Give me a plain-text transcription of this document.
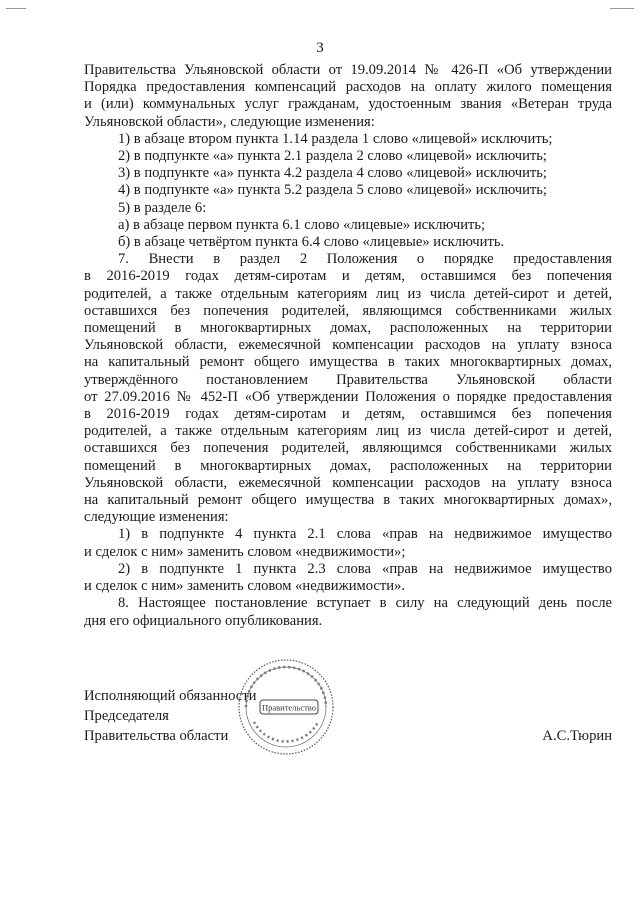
3

Правительства Ульяновской области от 19.09.2014 № 426-П «Об утверждении

Порядка предоставления компенсаций расходов на оплату жилого помещения

и (или) коммунальных услуг гражданам, удостоенным звания «Ветеран труда

Ульяновской области», следующие изменения:

1) в абзаце втором пункта 1.14 раздела 1 слово «лицевой» исключить;

2) в подпункте «а» пункта 2.1 раздела 2 слово «лицевой» исключить;

3) в подпункте «а» пункта 4.2 раздела 4 слово «лицевой» исключить;

4) в подпункте «а» пункта 5.2 раздела 5 слово «лицевой» исключить;

5) в разделе 6:

а) в абзаце первом пункта 6.1 слово «лицевые» исключить;

б) в абзаце четвёртом пункта 6.4 слово «лицевые» исключить.

7. Внести в раздел 2 Положения о порядке предоставления

в 2016-2019 годах детям-сиротам и детям, оставшимся без попечения

родителей, а также отдельным категориям лиц из числа детей-сирот и детей,

оставшихся без попечения родителей, являющимся собственниками жилых

помещений в многоквартирных домах, расположенных на территории

Ульяновской области, ежемесячной компенсации расходов на уплату взноса

на капитальный ремонт общего имущества в таких многоквартирных домах,

утверждённого постановлением Правительства Ульяновской области

от 27.09.2016 № 452-П «Об утверждении Положения о порядке предоставления

в 2016-2019 годах детям-сиротам и детям, оставшимся без попечения

родителей, а также отдельным категориям лиц из числа детей-сирот и детей,

оставшихся без попечения родителей, являющимся собственниками жилых

помещений в многоквартирных домах, расположенных на территории

Ульяновской области, ежемесячной компенсации расходов на уплату взноса

на капитальный ремонт общего имущества в таких многоквартирных домах»,

следующие изменения:

1) в подпункте 4 пункта 2.1 слова «прав на недвижимое имущество

и сделок с ним» заменить словом «недвижимости»;

2) в подпункте 1 пункта 2.3 слова «прав на недвижимое имущество

и сделок с ним» заменить словом «недвижимости».

8. Настоящее постановление вступает в силу на следующий день после

дня его официального опубликования.

Исполняющий обязанности
Председателя
Правительства области	А.С.Тюрин
Правительство
